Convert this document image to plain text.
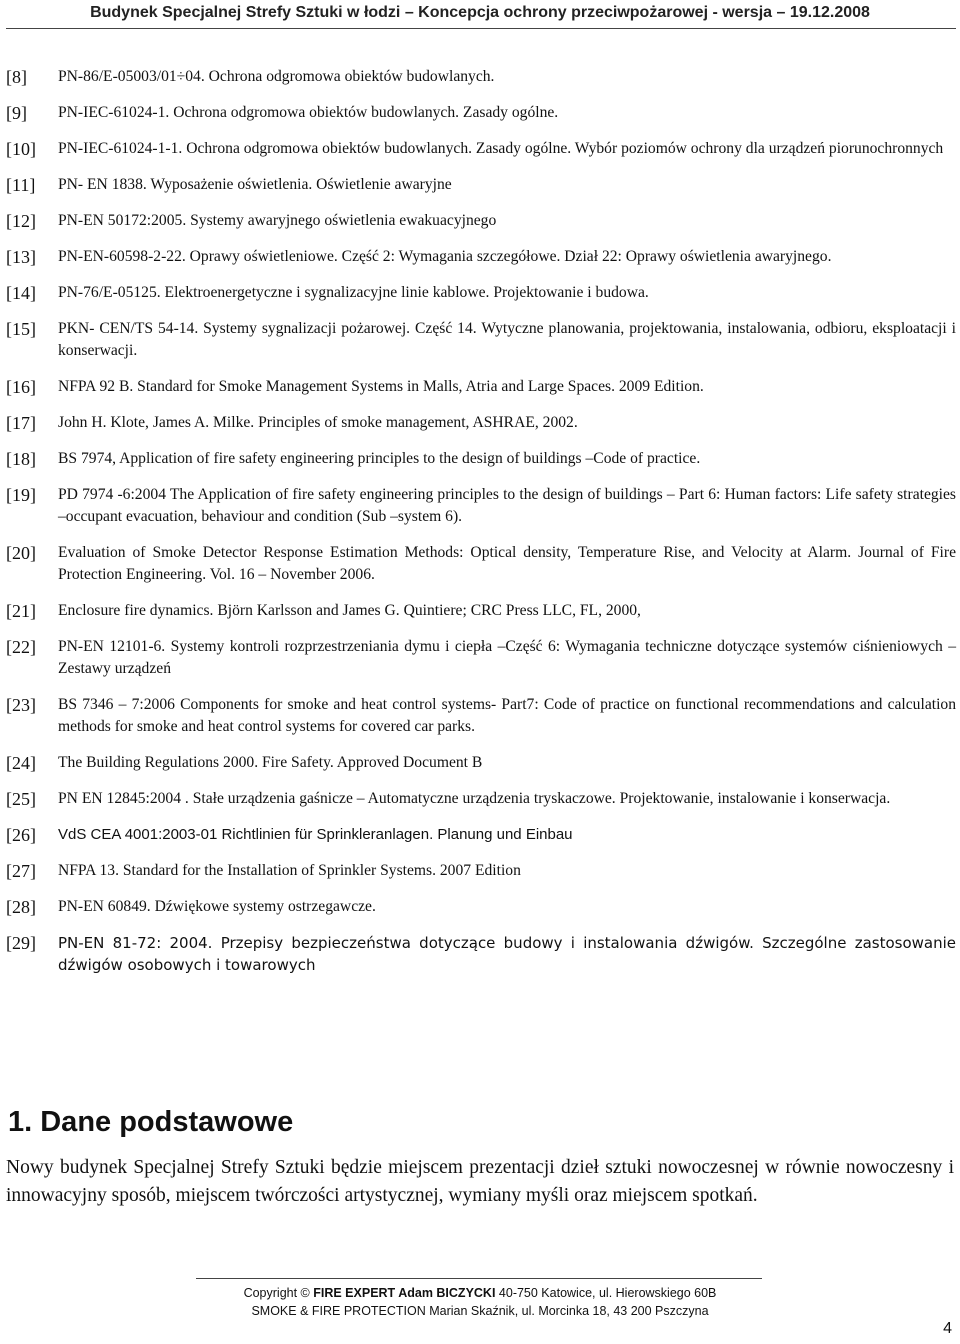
Budynek Specjalnej Strefy Sztuki w łodzi – Koncepcja ochrony przeciwpożarowej - wersja – 19.12.2008
[8]	PN-86/E-05003/01÷04. Ochrona odgromowa obiektów budowlanych.
[9]	PN-IEC-61024-1. Ochrona odgromowa obiektów budowlanych. Zasady ogólne.
[10]	PN-IEC-61024-1-1. Ochrona odgromowa obiektów budowlanych. Zasady ogólne. Wybór poziomów ochrony dla urządzeń piorunochronnych
[11]	PN- EN 1838. Wyposażenie oświetlenia. Oświetlenie awaryjne
[12]	PN-EN 50172:2005. Systemy awaryjnego oświetlenia ewakuacyjnego
[13]	PN-EN-60598-2-22. Oprawy oświetleniowe. Część 2: Wymagania szczegółowe. Dział 22: Oprawy oświetlenia awaryjnego.
[14]	PN-76/E-05125. Elektroenergetyczne i sygnalizacyjne linie kablowe. Projektowanie i budowa.
[15]	PKN- CEN/TS 54-14. Systemy sygnalizacji pożarowej. Część 14. Wytyczne planowania, projektowania, instalowania, odbioru, eksploatacji i konserwacji.
[16]	NFPA 92 B. Standard for Smoke Management Systems in Malls, Atria and Large Spaces. 2009 Edition.
[17]	John H. Klote, James A. Milke. Principles of smoke management, ASHRAE, 2002.
[18]	BS 7974, Application of fire safety engineering principles to the design of buildings –Code of practice.
[19]	PD 7974 -6:2004 The Application of fire safety engineering principles to the design of buildings – Part 6: Human factors: Life safety strategies –occupant evacuation, behaviour and condition (Sub –system 6).
[20]	Evaluation of Smoke Detector Response Estimation Methods: Optical density, Temperature Rise, and Velocity at Alarm. Journal of Fire Protection Engineering. Vol. 16 – November 2006.
[21]	Enclosure fire dynamics. Björn Karlsson and James G. Quintiere; CRC Press LLC, FL, 2000,
[22]	PN-EN 12101-6. Systemy kontroli rozprzestrzeniania dymu i ciepła –Część 6: Wymagania techniczne dotyczące systemów ciśnieniowych –Zestawy urządzeń
[23]	BS 7346 – 7:2006 Components for smoke and heat control systems- Part7: Code of practice on functional recommendations and calculation methods for smoke and heat control systems for covered car parks.
[24]	The Building Regulations 2000. Fire Safety. Approved Document B
[25]	PN EN 12845:2004 . Stałe urządzenia gaśnicze – Automatyczne urządzenia tryskaczowe. Projektowanie, instalowanie i konserwacja.
[26]	VdS CEA 4001:2003-01 Richtlinien für Sprinkleranlagen. Planung und Einbau
[27]	NFPA 13. Standard for the Installation of Sprinkler Systems. 2007 Edition
[28]	PN-EN 60849. Dźwiękowe systemy ostrzegawcze.
[29]	PN-EN 81-72: 2004. Przepisy bezpieczeństwa dotyczące budowy i instalowania dźwigów. Szczególne zastosowanie dźwigów osobowych i towarowych
1. Dane podstawowe

Nowy budynek Specjalnej Strefy Sztuki będzie miejscem prezentacji dzieł sztuki nowoczesnej w równie nowoczesny i innowacyjny sposób, miejscem twórczości artystycznej, wymiany myśli oraz miejscem spotkań.

Copyright © FIRE EXPERT Adam BICZYCKI 40-750 Katowice, ul. Hierowskiego 60B
SMOKE & FIRE PROTECTION Marian Skaźnik, ul. Morcinka 18, 43 200 Pszczyna
4
